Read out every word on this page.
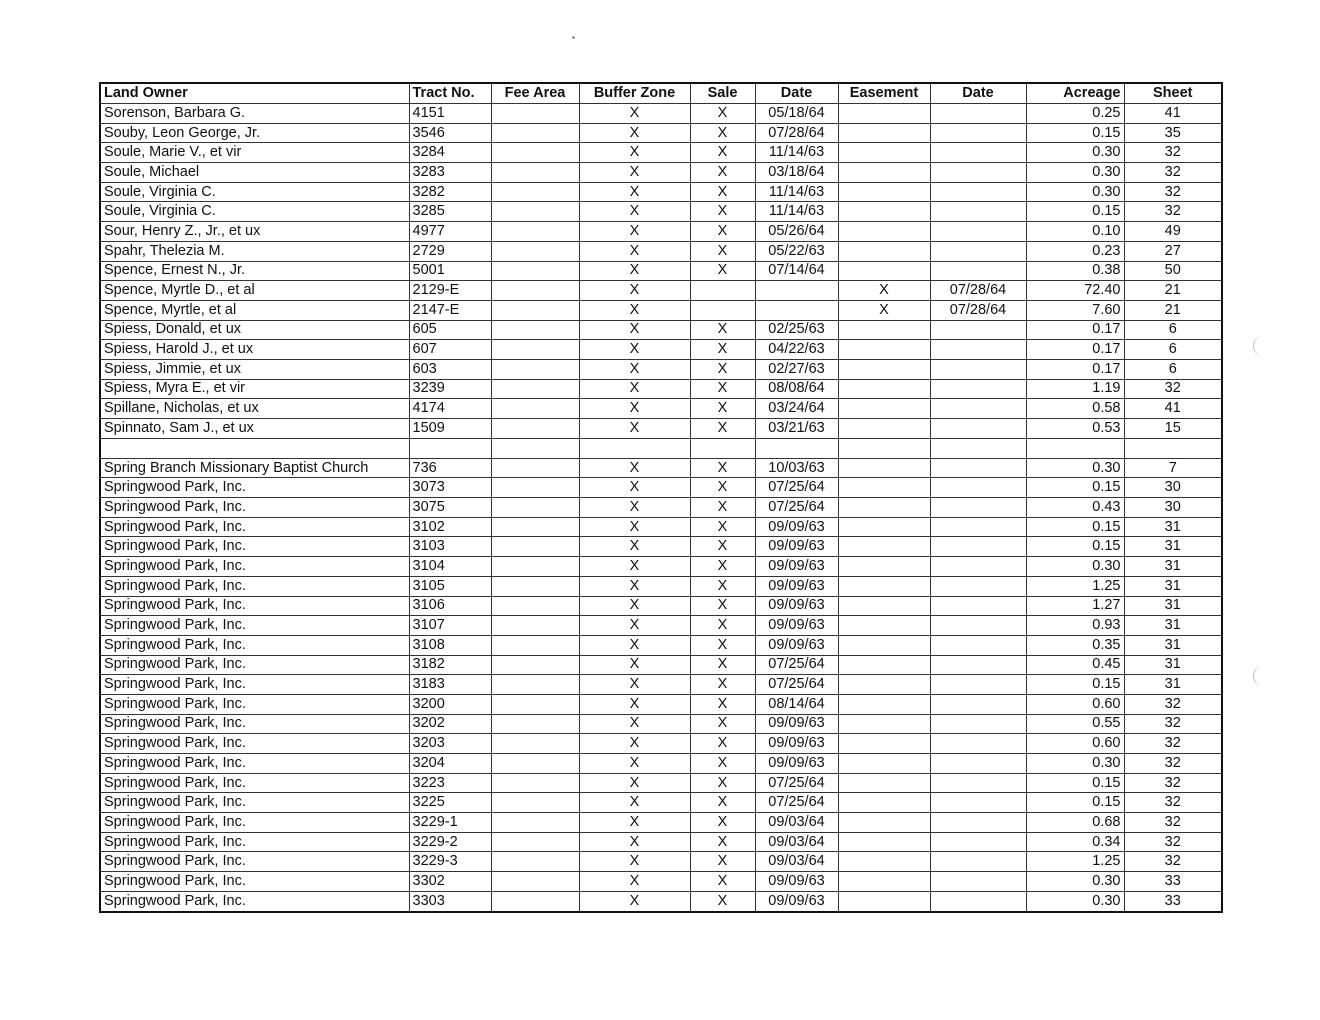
Land Owner	Tract No.	Fee Area	Buffer Zone	Sale	Date	Easement	Date	Acreage	Sheet
Sorenson, Barbara G.	4151		X	X	05/18/64			0.25	41
Souby, Leon George, Jr.	3546		X	X	07/28/64			0.15	35
Soule, Marie V., et vir	3284		X	X	11/14/63			0.30	32
Soule, Michael	3283		X	X	03/18/64			0.30	32
Soule, Virginia C.	3282		X	X	11/14/63			0.30	32
Soule, Virginia C.	3285		X	X	11/14/63			0.15	32
Sour, Henry Z., Jr., et ux	4977		X	X	05/26/64			0.10	49
Spahr, Thelezia M.	2729		X	X	05/22/63			0.23	27
Spence, Ernest N., Jr.	5001		X	X	07/14/64			0.38	50
Spence, Myrtle D., et al	2129-E		X			X	07/28/64	72.40	21
Spence, Myrtle, et al	2147-E		X			X	07/28/64	7.60	21
Spiess, Donald, et ux	605		X	X	02/25/63			0.17	6
Spiess, Harold J., et ux	607		X	X	04/22/63			0.17	6
Spiess, Jimmie, et ux	603		X	X	02/27/63			0.17	6
Spiess, Myra E., et vir	3239		X	X	08/08/64			1.19	32
Spillane, Nicholas, et ux	4174		X	X	03/24/64			0.58	41
Spinnato, Sam J., et ux	1509		X	X	03/21/63			0.53	15

Spring Branch Missionary Baptist Church	736		X	X	10/03/63			0.30	7
Springwood Park, Inc.	3073		X	X	07/25/64			0.15	30
Springwood Park, Inc.	3075		X	X	07/25/64			0.43	30
Springwood Park, Inc.	3102		X	X	09/09/63			0.15	31
Springwood Park, Inc.	3103		X	X	09/09/63			0.15	31
Springwood Park, Inc.	3104		X	X	09/09/63			0.30	31
Springwood Park, Inc.	3105		X	X	09/09/63			1.25	31
Springwood Park, Inc.	3106		X	X	09/09/63			1.27	31
Springwood Park, Inc.	3107		X	X	09/09/63			0.93	31
Springwood Park, Inc.	3108		X	X	09/09/63			0.35	31
Springwood Park, Inc.	3182		X	X	07/25/64			0.45	31
Springwood Park, Inc.	3183		X	X	07/25/64			0.15	31
Springwood Park, Inc.	3200		X	X	08/14/64			0.60	32
Springwood Park, Inc.	3202		X	X	09/09/63			0.55	32
Springwood Park, Inc.	3203		X	X	09/09/63			0.60	32
Springwood Park, Inc.	3204		X	X	09/09/63			0.30	32
Springwood Park, Inc.	3223		X	X	07/25/64			0.15	32
Springwood Park, Inc.	3225		X	X	07/25/64			0.15	32
Springwood Park, Inc.	3229-1		X	X	09/03/64			0.68	32
Springwood Park, Inc.	3229-2		X	X	09/03/64			0.34	32
Springwood Park, Inc.	3229-3		X	X	09/03/64			1.25	32
Springwood Park, Inc.	3302		X	X	09/09/63			0.30	33
Springwood Park, Inc.	3303		X	X	09/09/63			0.30	33
